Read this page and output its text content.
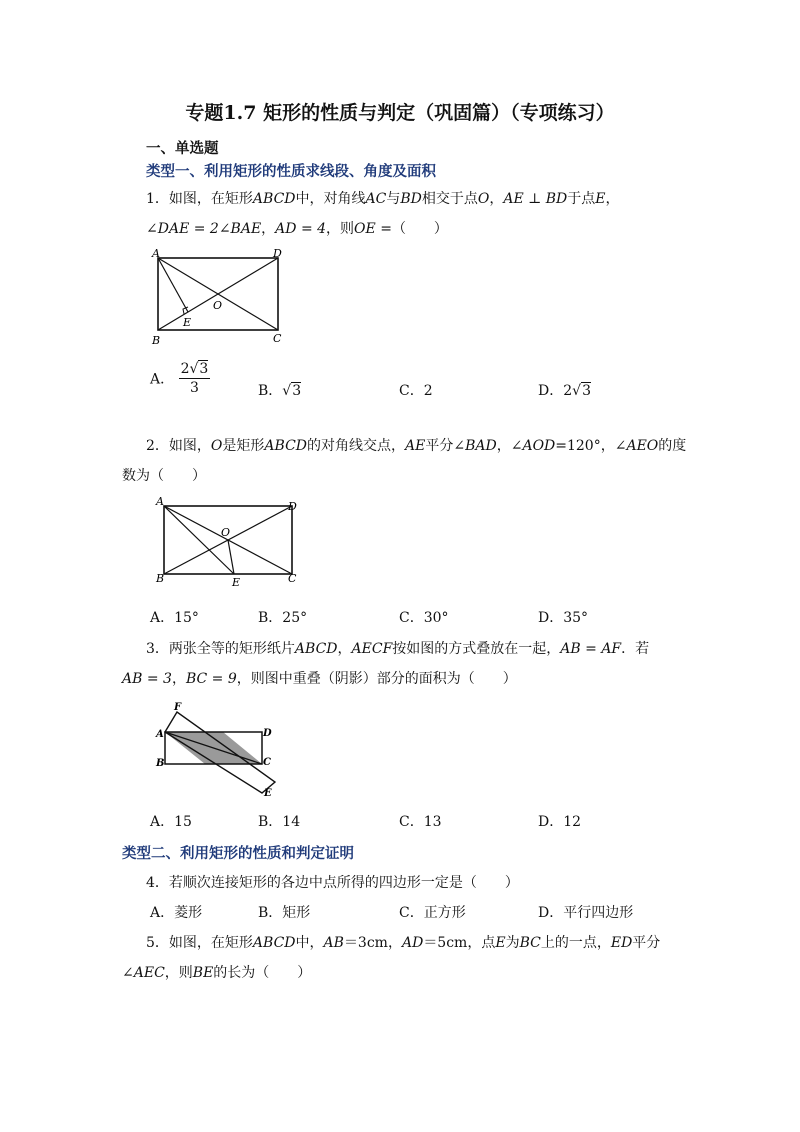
专题1.7 矩形的性质与判定（巩固篇）（专项练习）
一、单选题
类型一、利用矩形的性质求线段、角度及面积
1．如图，在矩形ABCD中，对角线AC与BD相交于点O，AE ⊥ BD于点E，
∠DAE = 2∠BAE，AD = 4，则OE =（　　）
A	D
B	C
O
E
A． $\frac{2√3}{3}$	B．√3	C．2	D．2√3
2．如图，O是矩形ABCD的对角线交点，AE平分∠BAD，∠AOD=120°，∠AEO的度
数为（　　）
A	D
B	C
O
E
A．15°	B．25°	C．30°	D．35°
3．两张全等的矩形纸片ABCD，AECF按如图的方式叠放在一起，AB = AF．若
AB = 3，BC = 9，则图中重叠（阴影）部分的面积为（　　）
F
A	D
B	C
E
A．15	B．14	C．13	D．12
类型二、利用矩形的性质和判定证明
4．若顺次连接矩形的各边中点所得的四边形一定是（　　）
A．菱形	B．矩形	C．正方形	D．平行四边形
5．如图，在矩形ABCD中，AB＝3cm，AD＝5cm，点E为BC上的一点，ED平分
∠AEC，则BE的长为（　　）
